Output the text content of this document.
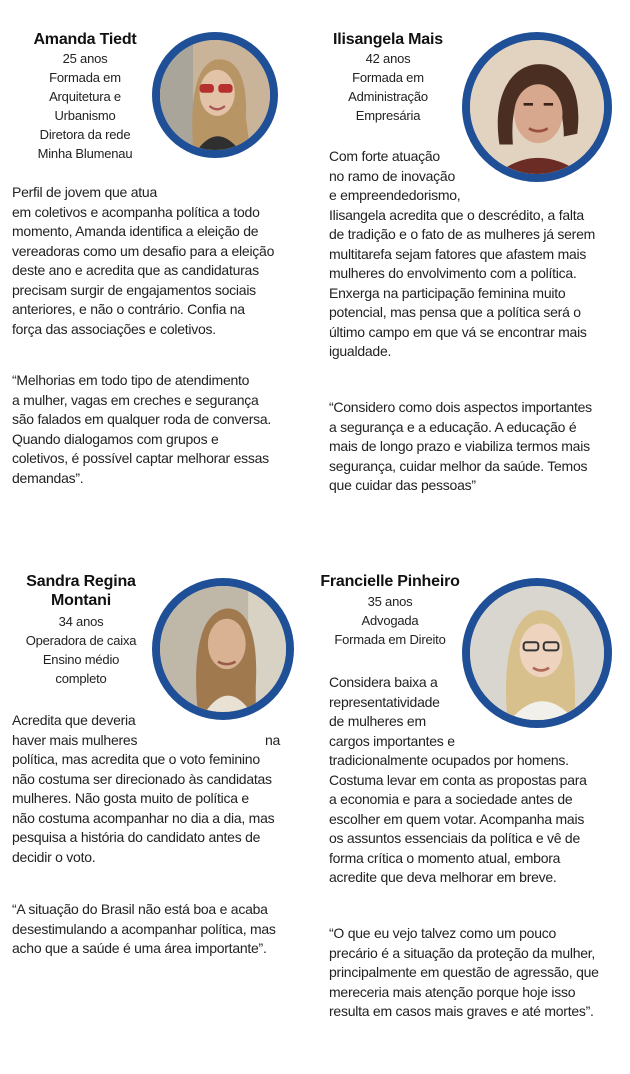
Amanda Tiedt
25 anos
Formada em
Arquitetura e
Urbanismo
Diretora da rede
Minha Blumenau

Perfil de jovem que atua

em coletivos e acompanha política a todo

momento, Amanda identifica a eleição de

vereadoras como um desafio para a eleição

deste ano e acredita que as candidaturas

precisam surgir de engajamentos sociais

anteriores, e não o contrário. Confia na

força das associações e coletivos.

“Melhorias em todo tipo de atendimento

a mulher, vagas em creches e segurança

são falados em qualquer roda de conversa.

Quando dialogamos com grupos e

coletivos, é possível captar melhorar essas

demandas”.

Ilisangela Mais
42 anos
Formada em
Administração
Empresária

Com forte atuação

no ramo de inovação

e empreendedorismo,

Ilisangela acredita que o descrédito, a falta

de tradição e o fato de as mulheres já serem

multitarefa sejam fatores que afastem mais

mulheres do envolvimento com a política.

Enxerga na participação feminina muito

potencial, mas pensa que a política será o

último campo em que vá se encontrar mais

igualdade.

“Considero como dois aspectos importantes

a segurança e a educação. A educação é

mais de longo prazo e viabiliza termos mais

segurança, cuidar melhor da saúde. Temos

que cuidar das pessoas”

Sandra Regina
Montani
34 anos
Operadora de caixa
Ensino médio
completo

Acredita que deveria

haver mais mulheres	na

política, mas acredita que o voto feminino

não costuma ser direcionado às candidatas

mulheres. Não gosta muito de política e

não costuma acompanhar no dia a dia, mas

pesquisa a história do candidato antes de

decidir o voto.

“A situação do Brasil não está boa e acaba

desestimulando a acompanhar política, mas

acho que a saúde é uma área importante”.

Francielle Pinheiro
35 anos
Advogada
Formada em Direito

Considera baixa a

representatividade

de mulheres em

cargos importantes e

tradicionalmente ocupados por homens.

Costuma levar em conta as propostas para

a economia e para a sociedade antes de

escolher em quem votar. Acompanha mais

os assuntos essenciais da política e vê de

forma crítica o momento atual, embora

acredite que deva melhorar em breve.

“O que eu vejo talvez como um pouco

precário é a situação da proteção da mulher,

principalmente em questão de agressão, que

mereceria mais atenção porque hoje isso

resulta em casos mais graves e até mortes”.
